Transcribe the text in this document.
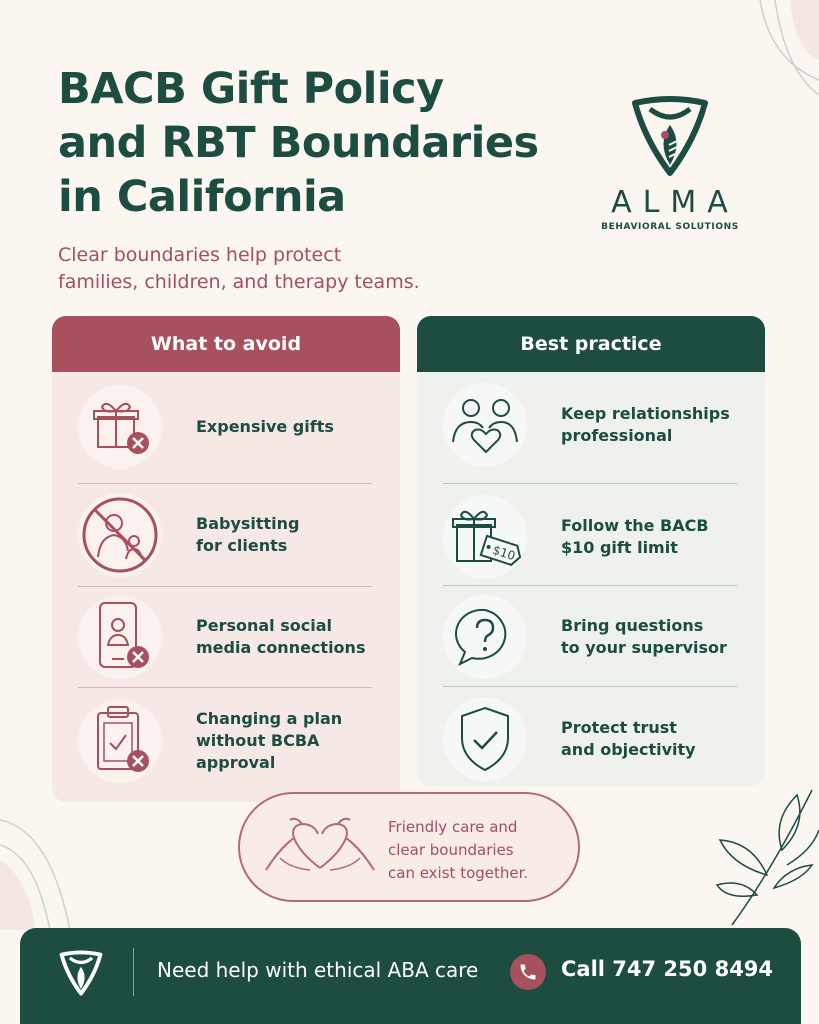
BACB Gift Policy
and RBT Boundaries
in California
Clear boundaries help protect
families, children, and therapy teams.
ALMA
BEHAVIORAL SOLUTIONS
What to avoid
Expensive gifts
Babysitting
for clients
Personal social
media connections
Changing a plan
without BCBA
approval
Best practice
Keep relationships
professional
$10
Follow the BACB
$10 gift limit
Bring questions
to your supervisor
Protect trust
and objectivity
Friendly care and
clear boundaries
can exist together.
Need help with ethical ABA care	Call 747 250 8494
